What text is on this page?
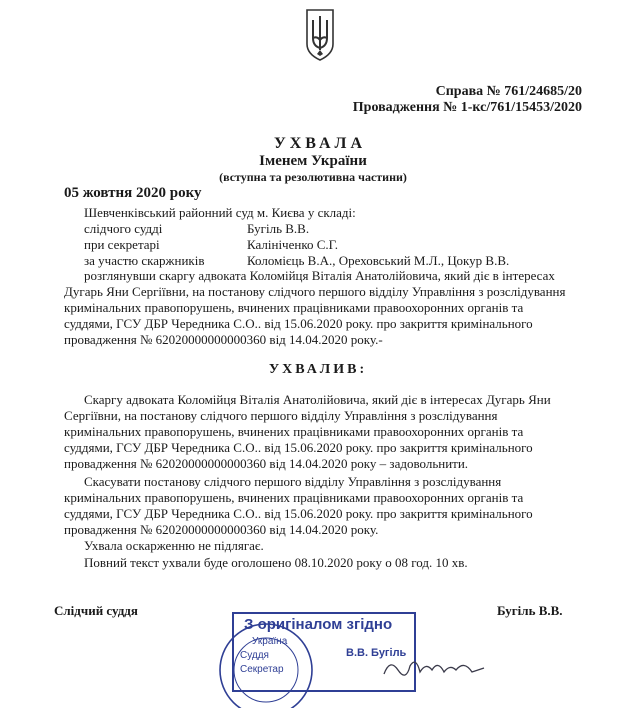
Справа № 761/24685/20
Провадження № 1-кс/761/15453/2020
УХВАЛА
Іменем України
(вступна та резолютивна частини)
05 жовтня 2020 року
Шевченківський районний суд м. Києва у складі:
слідчого судді	Бугіль В.В.
при секретарі	Калініченко С.Г.
за участю скаржників	Коломієць В.А., Ореховський М.Л., Цокур В.В.
розглянувши скаргу адвоката Коломійця Віталія Анатолійовича, який діє в інтересах
Дугарь Яни Сергіївни, на постанову слідчого першого відділу Управління з розслідування
кримінальних правопорушень, вчинених працівниками правоохоронних органів та
суддями, ГСУ ДБР Чередника С.О.. від 15.06.2020 року. про закриття кримінального
провадження № 62020000000000360 від 14.04.2020 року.-
УХВАЛИВ:
Скаргу адвоката Коломійця Віталія Анатолійовича, який діє в інтересах Дугарь Яни
Сергіївни, на постанову слідчого першого відділу Управління з розслідування
кримінальних правопорушень, вчинених працівниками правоохоронних органів та
суддями, ГСУ ДБР Чередника С.О.. від 15.06.2020 року. про закриття кримінального
провадження № 62020000000000360 від 14.04.2020 року – задовольнити.
Скасувати постанову слідчого першого відділу Управління з розслідування
кримінальних правопорушень, вчинених працівниками правоохоронних органів та
суддями, ГСУ ДБР Чередника С.О.. від 15.06.2020 року. про закриття кримінального
провадження № 62020000000000360 від 14.04.2020 року.
Ухвала оскарженню не підлягає.
Повний текст ухвали буде оголошено 08.10.2020 року о 08 год. 10 хв.
Слідчий суддя	Бугіль В.В.
Україна
Суддя
Секретар
З оригіналом згідно
В.В. Бугіль
